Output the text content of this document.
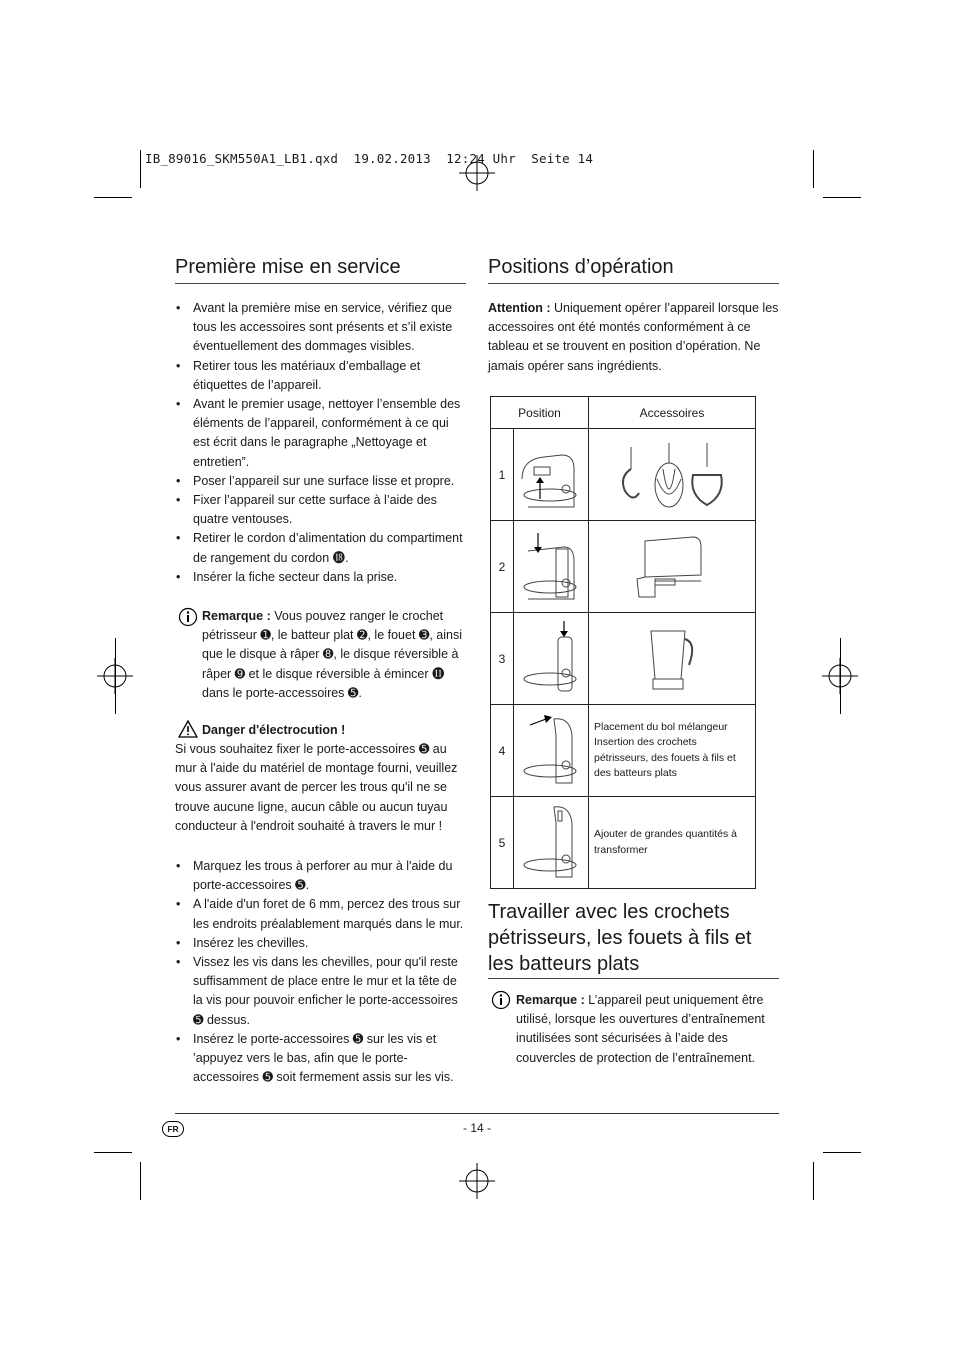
IB_89016_SKM550A1_LB1.qxd  19.02.2013  12:24 Uhr  Seite 14
Première mise en service
• Avant la première mise en service, vérifiez que tous les accessoires sont présents et s’il existe éventuellement des dommages visibles.
• Retirer tous les matériaux d’emballage et étiquettes de l’appareil.
• Avant le premier usage, nettoyer l’ensemble des éléments de l’appareil, conformément à ce qui est écrit dans le paragraphe „Nettoyage et entretien”.
• Poser l’appareil sur une surface lisse et propre.
• Fixer l’appareil sur cette surface à l’aide des quatre ventouses.
• Retirer le cordon d’alimentation du compartiment de rangement du cordon ⓲.
• Insérer la fiche secteur dans la prise.
Remarque : Vous pouvez ranger le crochet pétrisseur ➊, le batteur plat ➋, le fouet ➌, ainsi que le disque à râper ➑, le disque réversible à râper ➒ et le disque réversible à émincer ⓫ dans le porte-accessoires ➎.
Danger d'électrocution !
Si vous souhaitez fixer le porte-accessoires ➎ au mur à l'aide du matériel de montage fourni, veuillez vous assurer avant de percer les trous qu'il ne se trouve aucune ligne, aucun câble ou aucun tuyau conducteur à l'endroit souhaité à travers le mur !
• Marquez les trous à perforer au mur à l'aide du porte-accessoires ➎.
• A l'aide d'un foret de 6 mm, percez des trous sur les endroits préalablement marqués dans le mur.
• Insérez les chevilles.
• Vissez les vis dans les chevilles, pour qu'il reste suffisamment de place entre le mur et la tête de la vis pour pouvoir enficher le porte-accessoires ➎ dessus.
• Insérez le porte-accessoires ➎ sur les vis et ’appuyez vers le bas, afin que le porte-accessoires ➎ soit fermement assis sur les vis.
Positions d’opération
Attention : Uniquement opérer l’appareil lorsque les accessoires ont été montés conformément à ce tableau et se trouvent en position d’opération. Ne jamais opérer sans ingrédients.
Position		Accessoires
1		
2		
3		
4		Placement du bol mélangeur Insertion des crochets pétrisseurs, des fouets à fils et des batteurs plats
5		Ajouter de grandes quantités à transformer
Travailler avec les crochets
pétrisseurs, les fouets à fils et
les batteurs plats
Remarque : L’appareil peut uniquement être utilisé, lorsque les ouvertures d’entraînement inutilisées sont sécurisées à l’aide des couvercles de protection de l’entraînement.
FR	- 14 -
